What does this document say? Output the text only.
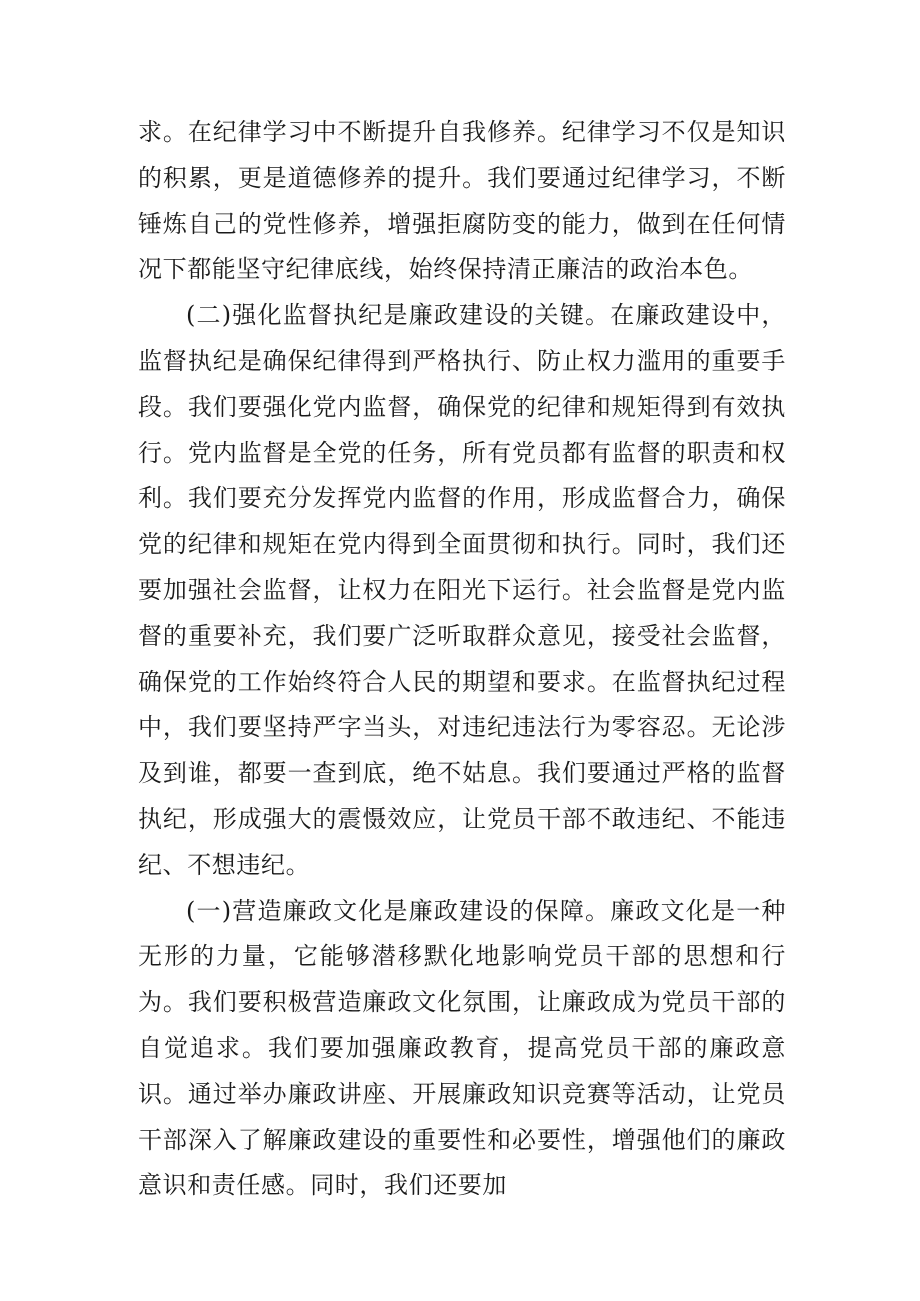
求。在纪律学习中不断提升自我修养。纪律学习不仅是知识的积累，更是道德修养的提升。我们要通过纪律学习，不断锤炼自己的党性修养，增强拒腐防变的能力，做到在任何情况下都能坚守纪律底线，始终保持清正廉洁的政治本色。

(二)强化监督执纪是廉政建设的关键。在廉政建设中，监督执纪是确保纪律得到严格执行、防止权力滥用的重要手段。我们要强化党内监督，确保党的纪律和规矩得到有效执行。党内监督是全党的任务，所有党员都有监督的职责和权利。我们要充分发挥党内监督的作用，形成监督合力，确保党的纪律和规矩在党内得到全面贯彻和执行。同时，我们还要加强社会监督，让权力在阳光下运行。社会监督是党内监督的重要补充，我们要广泛听取群众意见，接受社会监督，确保党的工作始终符合人民的期望和要求。在监督执纪过程中，我们要坚持严字当头，对违纪违法行为零容忍。无论涉及到谁，都要一查到底，绝不姑息。我们要通过严格的监督执纪，形成强大的震慑效应，让党员干部不敢违纪、不能违纪、不想违纪。

(一)营造廉政文化是廉政建设的保障。廉政文化是一种无形的力量，它能够潜移默化地影响党员干部的思想和行为。我们要积极营造廉政文化氛围，让廉政成为党员干部的自觉追求。我们要加强廉政教育，提高党员干部的廉政意识。通过举办廉政讲座、开展廉政知识竞赛等活动，让党员干部深入了解廉政建设的重要性和必要性，增强他们的廉政意识和责任感。同时，我们还要加
